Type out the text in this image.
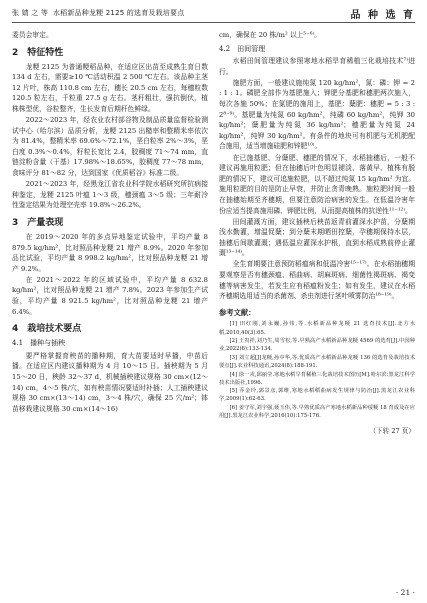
张 婧 之 等 水稻新品种龙粳 2125 的选育及栽培要点	品 种 选 育

委员会审定。

2　特征特性

龙粳 2125 为普通粳稻品种，在适应区出苗至成熟生育日数 134 d 左右，需要≥10 ℃活动积温 2 500 ℃左右。该品种主茎 12 片叶，株高 110.8 cm 左右，穗长 20.5 cm 左右，每穗粒数 120.5 粒左右，千粒重 27.5 g 左右。茎秆粗壮，强抗倒伏，植株株型优，谷粒整齐，生长发育后期秆色鲜绿。

2022～2023 年，经农业农村部谷物及制品质量监督检验测试中心（哈尔滨）品质分析，龙粳 2125 出糙率和整精米率依次为 81.4%，整精米率 69.6%～72.1%，垩白粒率 2%～3%，垩白度 0.3%～0.4%，籽粒长宽比 2.4，胶稠度 71～74 mm，直链淀粉含量（干基）17.98%～18.65%，胶稠度 77～78 mm，食味评分 81～82 分，达到国家《优质稻谷》标准二级。

2021～2023 年，经黑龙江省农业科学院水稻研究所抗病接种鉴定，龙粳 2125 叶瘟 1～3 级，穗颈瘟 3～5 级；三年耐冷性鉴定结果为处理空壳率 19.8%～26.2%。

3　产量表现

在 2019～2020 年的多点异地鉴定试验中，平均产量 8 879.5 kg/hm²，比对照品种龙粳 21 增产 8.9%。2020 年参加品比试验，平均产量 8 998.2 kg/hm²，比对照品种龙粳 21 增产 9.2%。

在 2021～2022 年的区域试验中，平均产量 8 632.8 kg/hm²，比对照品种龙粳 21 增产 7.8%。2023 年参加生产试验，平均产量 8 921.5 kg/hm²，比对照品种龙粳 21 增产 6.4%。

4　栽培技术要点
4.1　播种与插秧

要严格掌握育秧苗的播种期，育大苗要适时早播，中苗后播。在适应区内建议播种期为 4 月 10～15 日。插秧期为 5 月 15～20 日，秧龄 32～37 d，机械插秧建议规格 30 cm×(12～14) cm，4～5 株/穴，如有秧苗情况要适时补插；人工插秧建议规格 30 cm×(13～14) cm，3～4 株/穴，确保 25 穴/m²；钵苗移栽建议规格 30 cm×(14～16)

cm，确保在 20 株/m² 以上⁵⁻⁶⁾。

4.2　田间管理

水稻田间管理建议参照寒地水稻旱育稀植三化栽培技术⁷⁾进行。

施肥方面，一般建议施纯氮 120 kg/hm²，氮：磷：钾 = 2 : 1 : 1。磷肥全部作为基肥施入；钾肥分基肥和穗肥两次施入，每次各施 50%；在氮肥的施用上，基肥：蘖肥：穗肥 = 5 : 3 : 2⁸⁻⁹⁾。基肥量为纯氮 60 kg/hm²，纯磷 60 kg/hm²，纯钾 30 kg/hm²；蘖肥量为纯氮 36 kg/hm²；穗肥量为纯氮 24 kg/hm²，纯钾 30 kg/hm²。有条件的地块可有机肥与无机肥配合施用，适当增施硅肥和锌肥¹⁰⁾。

在已施基肥、分蘖肥、穗肥的情况下，水稻抽穗后，一般不建议再施用粒肥；但在抽穗后叶色明显褪淡、落黄早、植株有脱肥的情况下，建议可追施粒肥，以不超过纯氮 15 kg/hm² 为宜。施用粒肥的目的是防止早衰，并防止贪青晚熟。施粒肥时间一般在抽穗始期至齐穗期，但要注意防治病害的发生。在低温冷害年份应适当提高施用磷、钾肥比例，从而提高植株的抗逆性¹¹⁻¹²⁾。

田间灌溉方面，建议插秧后秧苗返青前灌深水护苗，分蘖期浅水勤灌，增温促蘖；到分蘖末期晒田控蘖，孕穗期保持水层，抽穗后间歇灌溉；遇低温应灌深水护根，直到水稻成熟前停止灌溉¹³⁻¹⁴⁾。

全生育期要注意预防稻瘟病和低温冷害¹⁵⁻¹⁷⁾。在水稻抽穗期要观察是否有穗颈瘟、稻曲病、胡麻斑病、细菌性褐斑病、褐变穗等病害发生，若发生应有稻瘟粉发生；如有发生，建议在水稻齐穗期选用适当的杀菌剂、杀虫剂进行茎叶喷雾防治¹⁸⁻¹⁹⁾。

参考文献：

[1] 田红刚,刘永巍,孙伟,等.水稻新品种龙粳 21 选育技术[J].北方水稻,2010,40(3):65.

[2] 王贵祥,刘乃生,周雪松,等.早熟高产水稻新品种龙粳 4569 的选育[J].中国种业,2022(6):133-134.

[3] 刘立超[J]龙粳,孙中华,等.优质高产水稻新品种龙粳 136 的选育及栽培技术要点[J].农业科技通讯,2024(8):188-191.

[4] 徐一戎,邱丽莹.寒地水稻旱育稀植三化栽培技术图历[M].哈尔滨:黑龙江科学技术出版社,1996.

[5] 乔金玲,郭景彦,郭维,寒地水稻稻曲病发生规律与防治[J].黑龙江农业科学,2009(1):62-63.

[6] 姜守军,刘宇强,聂玉伟,等.早熟优质高产寒地水稻新品种绥粳 18 育成及在应用[J].黑龙江农业科学,2016(10):175-176.

（下转 27 页）
· 21 ·
